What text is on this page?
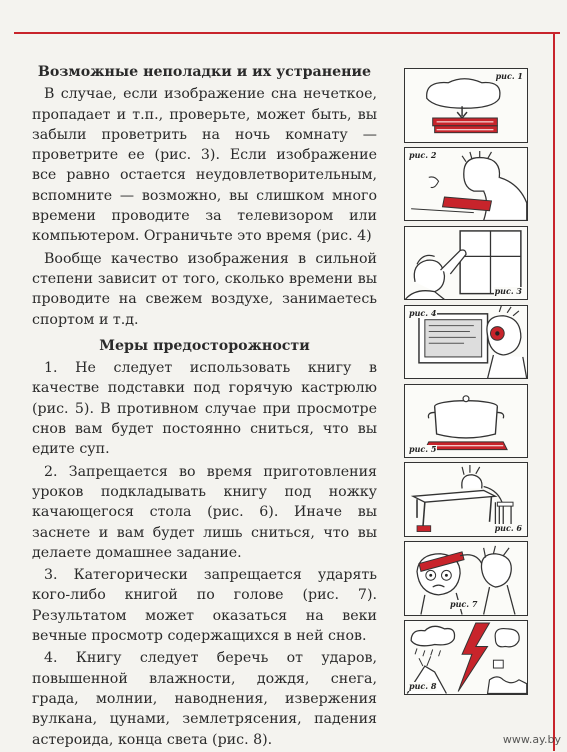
Возможные неполадки и их устранение

В случае, если изображение сна нечеткое, пропадает и т.п., проверьте, может быть, вы забыли проветрить на ночь комнату — проветрите ее (рис. 3). Если изображение все равно остается неудовлетворительным, вспомните — возможно, вы слишком много времени проводите за телевизором или компьютером. Ограничьте это время (рис. 4)

Вообще качество изображения в сильной степени зависит от того, сколько времени вы проводите на свежем воздухе, занимаетесь спортом и т.д.

Меры предосторожности

1. Не следует использовать книгу в качестве подставки под горячую кастрюлю (рис. 5). В противном случае при просмотре снов вам будет постоянно сниться, что вы едите суп.

2. Запрещается во время приготовления уроков подкладывать книгу под ножку качающегося стола (рис. 6). Иначе вы заснете и вам будет лишь сниться, что вы делаете домашнее задание.

3. Категорически запрещается ударять кого-либо книгой по голове (рис. 7). Результатом может оказаться на веки вечные просмотр содержащихся в ней снов.

4. Книгу следует беречь от ударов, повышенной влажности, дождя, снега, града, молнии, наводнения, извержения вулкана, цунами, землетрясения, падения астероида, конца света (рис. 8).

рис. 1
рис. 2
рис. 3
рис. 4
рис. 5
рис. 6
рис. 7
рис. 8
www.ay.by
